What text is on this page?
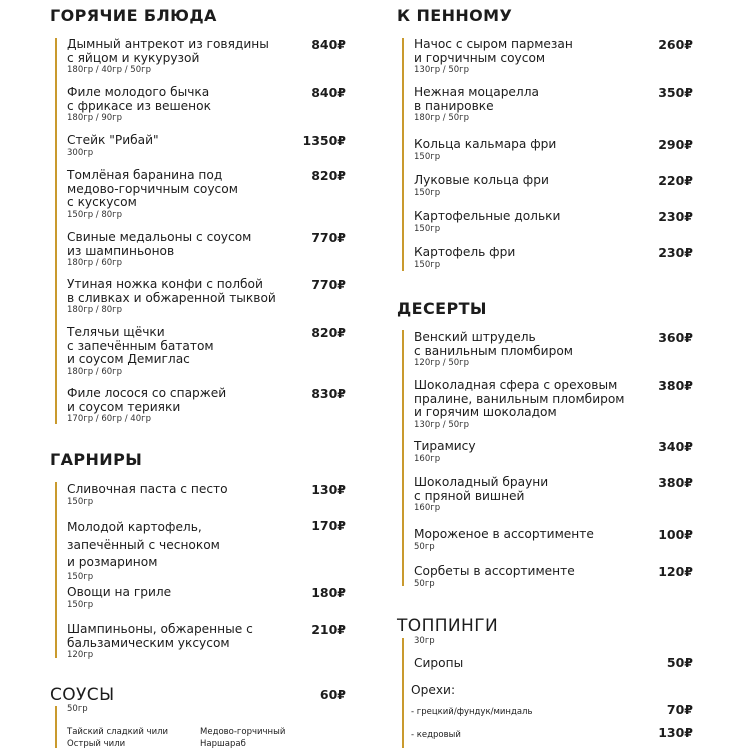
ГОРЯЧИЕ БЛЮДА
Дымный антрекот из говядины
с яйцом и кукурузой
180гр / 40гр / 50гр
840₽
Филе молодого бычка
с фрикасе из вешенок
180гр / 90гр
840₽
Стейк "Рибай"
300гр
1350₽
Томлёная баранина под
медово-горчичным соусом
с кускусом
150гр / 80гр
820₽
Свиные медальоны с соусом
из шампиньонов
180гр / 60гр
770₽
Утиная ножка конфи с полбой
в сливках и обжаренной тыквой
180гр / 80гр
770₽
Телячьи щёчки
с запечённым бататом
и соусом Демиглас
180гр / 60гр
820₽
Филе лосося со спаржей
и соусом терияки
170гр / 60гр / 40гр
830₽
ГАРНИРЫ
Сливочная паста с песто
150гр
130₽
Молодой картофель,
запечённый с чесноком
и розмарином
150гр
170₽
Овощи на гриле
150гр
180₽
Шампиньоны, обжаренные с
бальзамическим уксусом
120гр
210₽
СОУСЫ	60₽
50гр
Тайский сладкий чили	Медово-горчичный
Острый чили	Наршараб
К ПЕННОМУ
Начос с сыром пармезан
и горчичным соусом
130гр / 50гр
260₽
Нежная моцарелла
в панировке
180гр / 50гр
350₽
Кольца кальмара фри
150гр
290₽
Луковые кольца фри
150гр
220₽
Картофельные дольки
150гр
230₽
Картофель фри
150гр
230₽
ДЕСЕРТЫ
Венский штрудель
с ванильным пломбиром
120гр / 50гр
360₽
Шоколадная сфера с ореховым
пралине, ванильным пломбиром
и горячим шоколадом
130гр / 50гр
380₽
Тирамису
160гр
340₽
Шоколадный брауни
с пряной вишней
160гр
380₽
Мороженое в ассортименте
50гр
100₽
Сорбеты в ассортименте
50гр
120₽
ТОППИНГИ
30гр
Сиропы	50₽
Орехи:
- грецкий/фундук/миндаль	70₽
- кедровый	130₽
